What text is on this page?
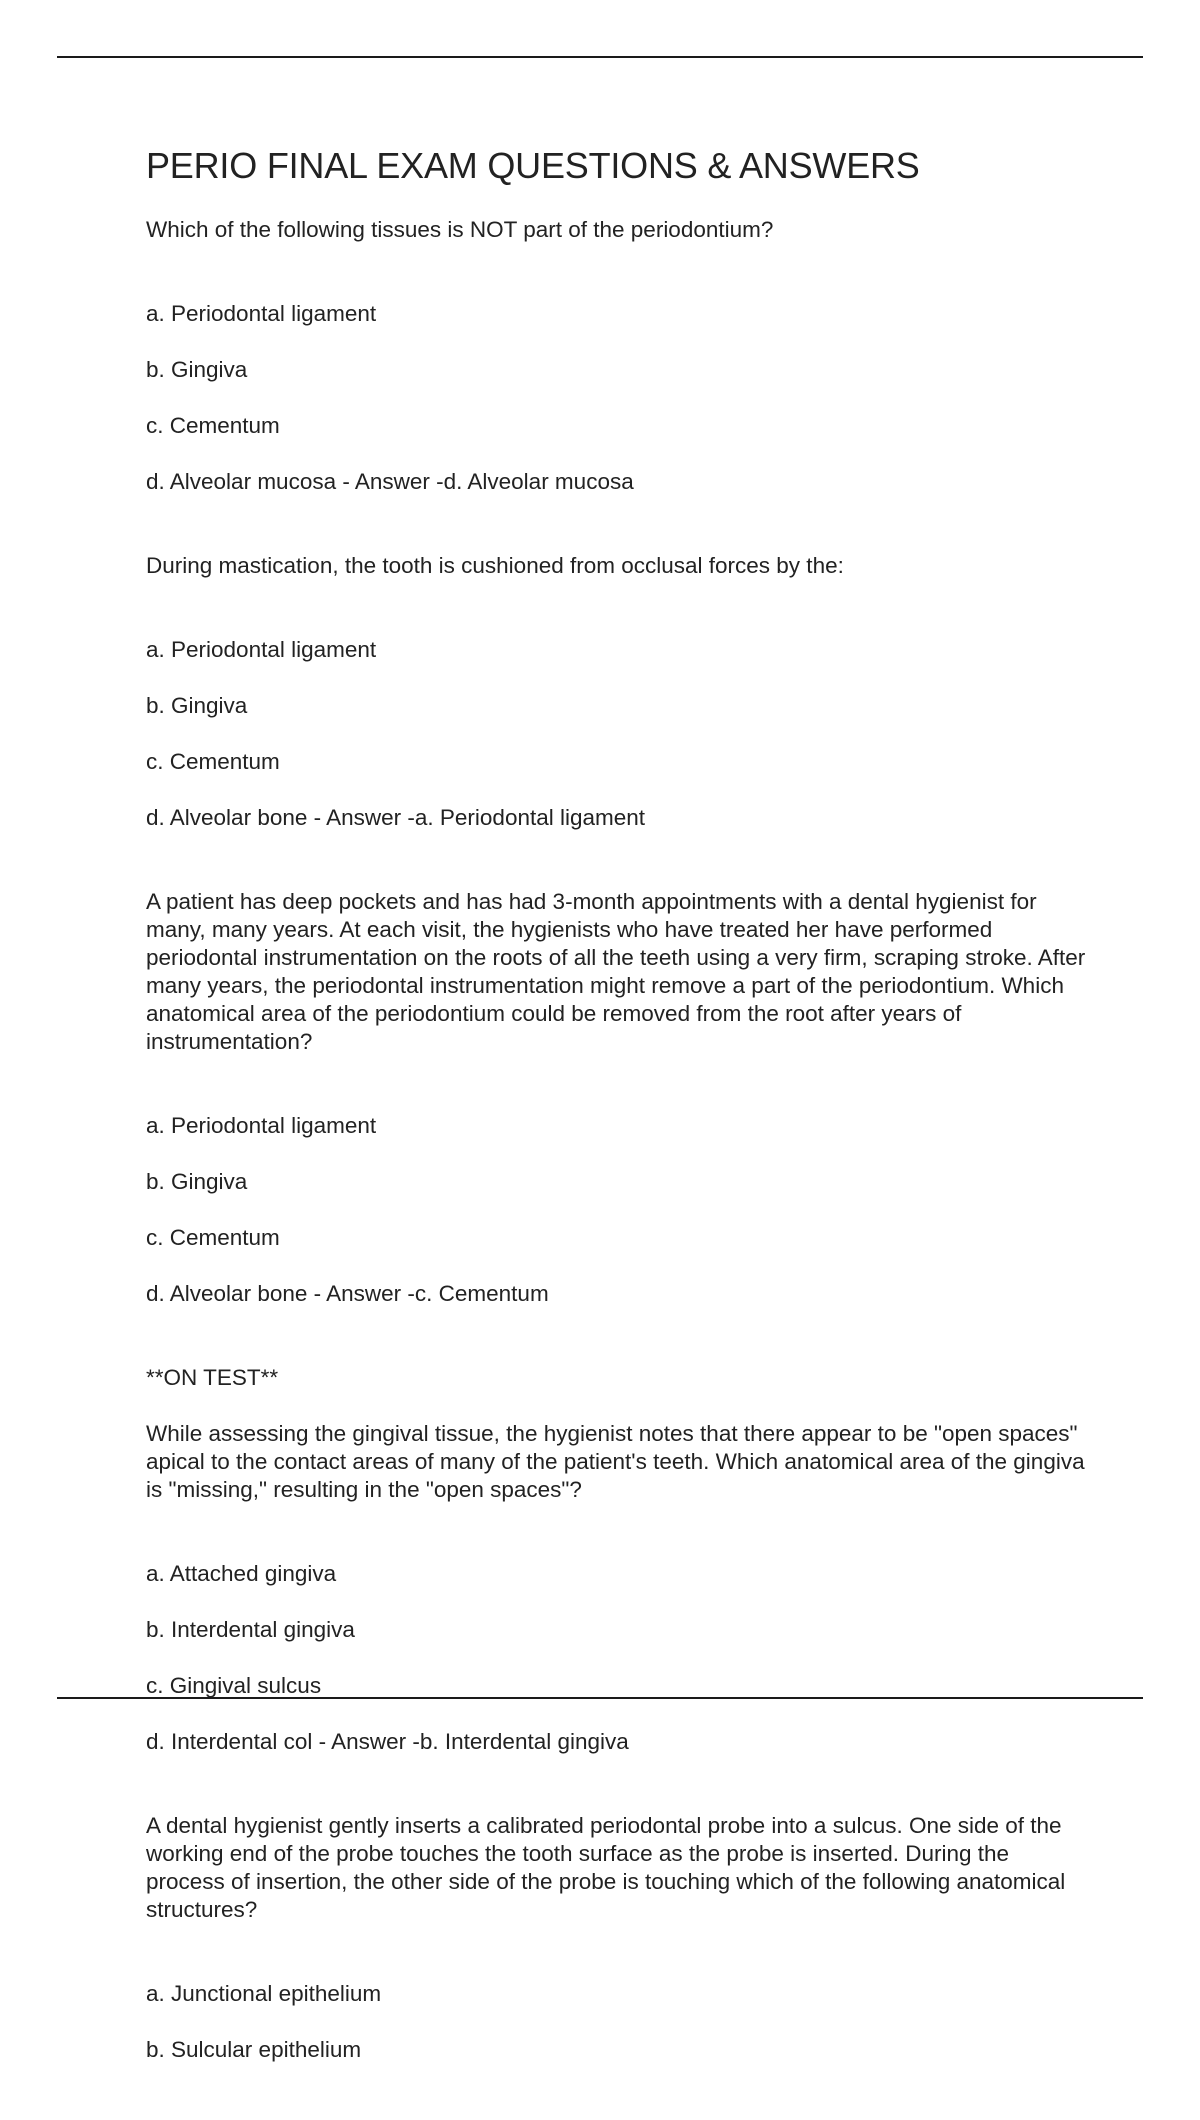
PERIO FINAL EXAM QUESTIONS & ANSWERS

Which of the following tissues is NOT part of the periodontium?

a. Periodontal ligament

b. Gingiva

c. Cementum

d. Alveolar mucosa - Answer -d. Alveolar mucosa

During mastication, the tooth is cushioned from occlusal forces by the:

a. Periodontal ligament

b. Gingiva

c. Cementum

d. Alveolar bone - Answer -a. Periodontal ligament

A patient has deep pockets and has had 3-month appointments with a dental hygienist for many, many years. At each visit, the hygienists who have treated her have performed periodontal instrumentation on the roots of all the teeth using a very firm, scraping stroke. After many years, the periodontal instrumentation might remove a part of the periodontium. Which anatomical area of the periodontium could be removed from the root after years of instrumentation?

a. Periodontal ligament

b. Gingiva

c. Cementum

d. Alveolar bone - Answer -c. Cementum

**ON TEST**

While assessing the gingival tissue, the hygienist notes that there appear to be "open spaces" apical to the contact areas of many of the patient's teeth. Which anatomical area of the gingiva is "missing," resulting in the "open spaces"?

a. Attached gingiva

b. Interdental gingiva

c. Gingival sulcus

d. Interdental col - Answer -b. Interdental gingiva

A dental hygienist gently inserts a calibrated periodontal probe into a sulcus. One side of the working end of the probe touches the tooth surface as the probe is inserted. During the process of insertion, the other side of the probe is touching which of the following anatomical structures?

a. Junctional epithelium

b. Sulcular epithelium
